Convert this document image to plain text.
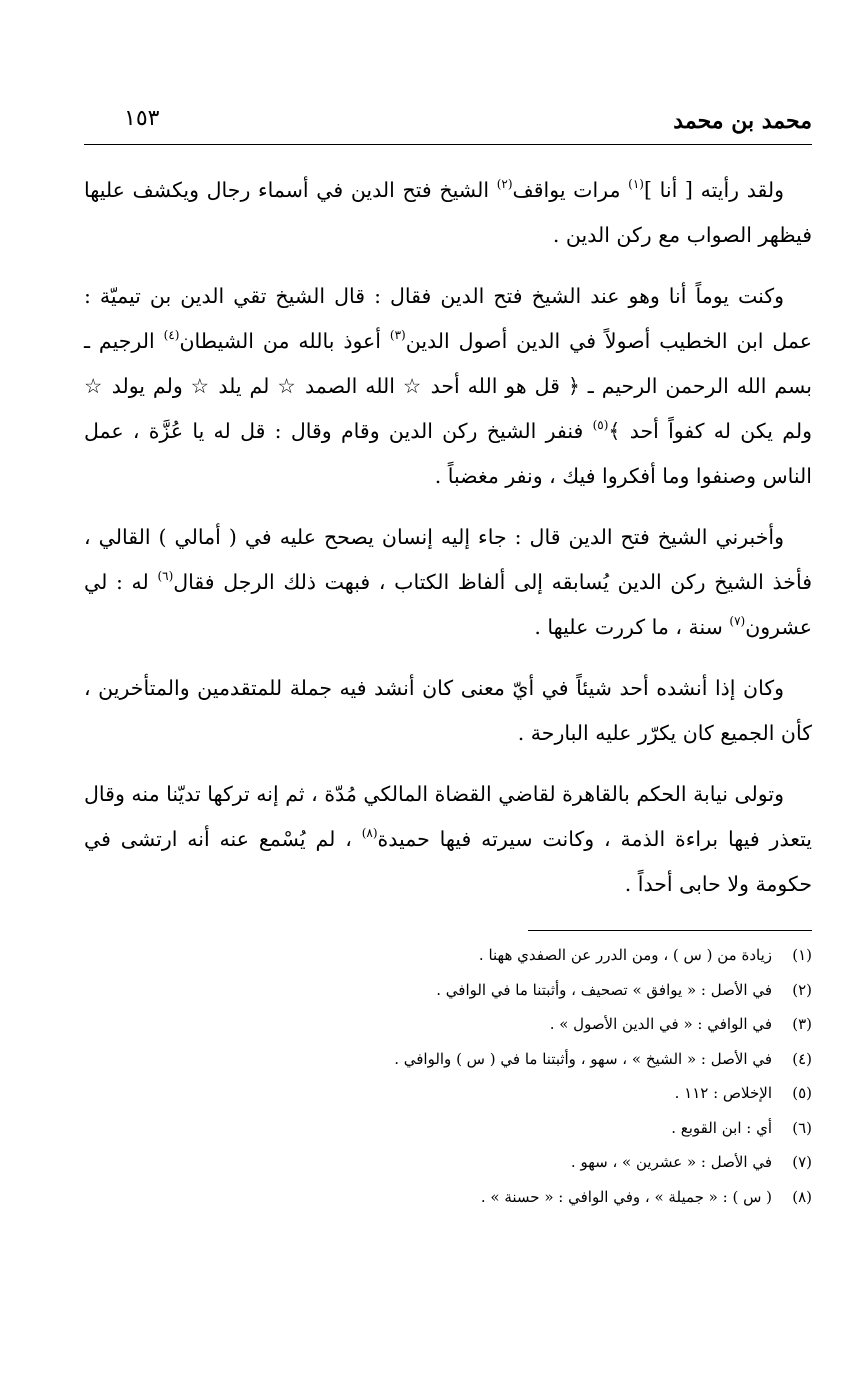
محمد بن محمد
١٥٣

ولقد رأيته [ أنا ]$^{(١)}$ مرات يواقف$^{(٢)}$ الشيخ فتح الدين في أسماء رجال ويكشف عليها فيظهر الصواب مع ركن الدين .

وكنت يوماً أنا وهو عند الشيخ فتح الدين فقال : قال الشيخ تقي الدين بن تيميّة : عمل ابن الخطيب أصولاً في الدين أصول الدين$^{(٣)}$ أعوذ بالله من الشيطان$^{(٤)}$ الرجيم ـ بسم الله الرحمن الرحيم ـ ﴿ قل هو الله أحد ☆ الله الصمد ☆ لم يلد ☆ ولم يولد ☆ ولم يكن له كفواً أحد ﴾$^{(٥)}$ فنفر الشيخ ركن الدين وقام وقال : قل له يا عُزَّة ، عمل الناس وصنفوا وما أفكروا فيك ، ونفر مغضباً .

وأخبرني الشيخ فتح الدين قال : جاء إليه إنسان يصحح عليه في ( أمالي ) القالي ، فأخذ الشيخ ركن الدين يُسابقه إلى ألفاظ الكتاب ، فبهت ذلك الرجل فقال$^{(٦)}$ له : لي عشرون$^{(٧)}$ سنة ، ما كررت عليها .

وكان إذا أنشده أحد شيئاً في أيّ معنى كان أنشد فيه جملة للمتقدمين والمتأخرين ، كأن الجميع كان يكرّر عليه البارحة .

وتولى نيابة الحكم بالقاهرة لقاضي القضاة المالكي مُدّة ، ثم إنه تركها تديّنا منه وقال يتعذر فيها براءة الذمة ، وكانت سيرته فيها حميدة$^{(٨)}$ ، لم يُسْمع عنه أنه ارتشى في حكومة ولا حابى أحداً .

(١)
زيادة من ( س ) ، ومن الدرر عن الصفدي ههنا .
(٢)
في الأصل : « يوافق » تصحيف ، وأثبتنا ما في الوافي .
(٣)
في الوافي : « في الدين الأصول » .
(٤)
في الأصل : « الشيخ » ، سهو ، وأثبتنا ما في ( س ) والوافي .
(٥)
الإخلاص : ١١٢ .
(٦)
أي : ابن القوبع .
(٧)
في الأصل : « عشرين » ، سهو .
(٨)
( س ) : « جميلة » ، وفي الوافي : « حسنة » .
